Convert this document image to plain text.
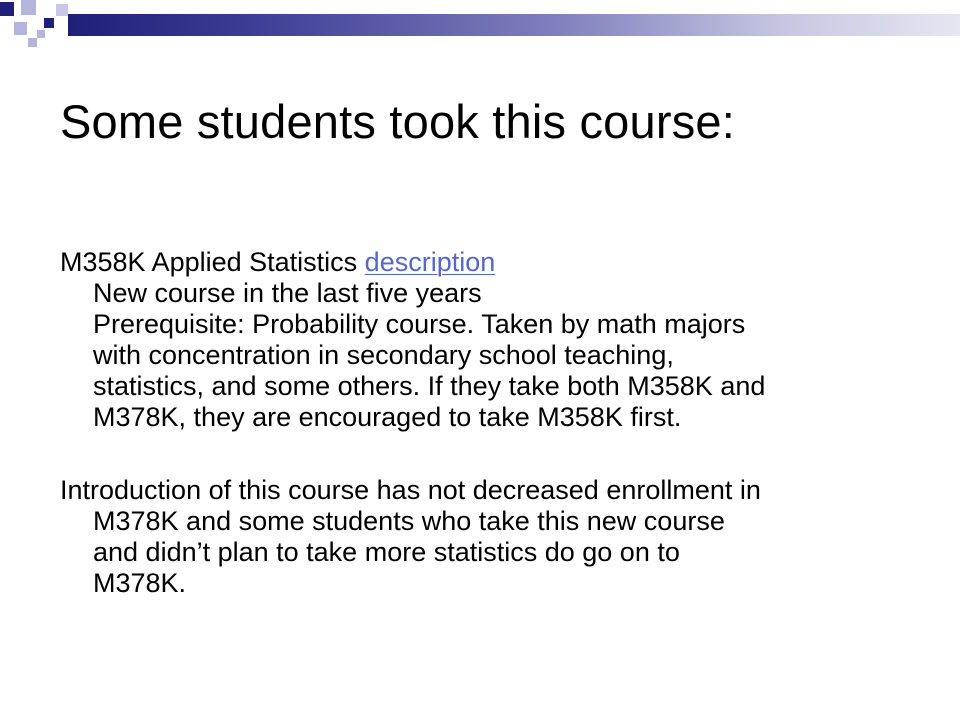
Some students took this course:

M358K Applied Statistics description
New course in the last five years
Prerequisite: Probability course. Taken by math majors
with concentration in secondary school teaching,
statistics, and some others. If they take both M358K and
M378K, they are encouraged to take M358K first.

Introduction of this course has not decreased enrollment in
M378K and some students who take this new course
and didn’t plan to take more statistics do go on to
M378K.
